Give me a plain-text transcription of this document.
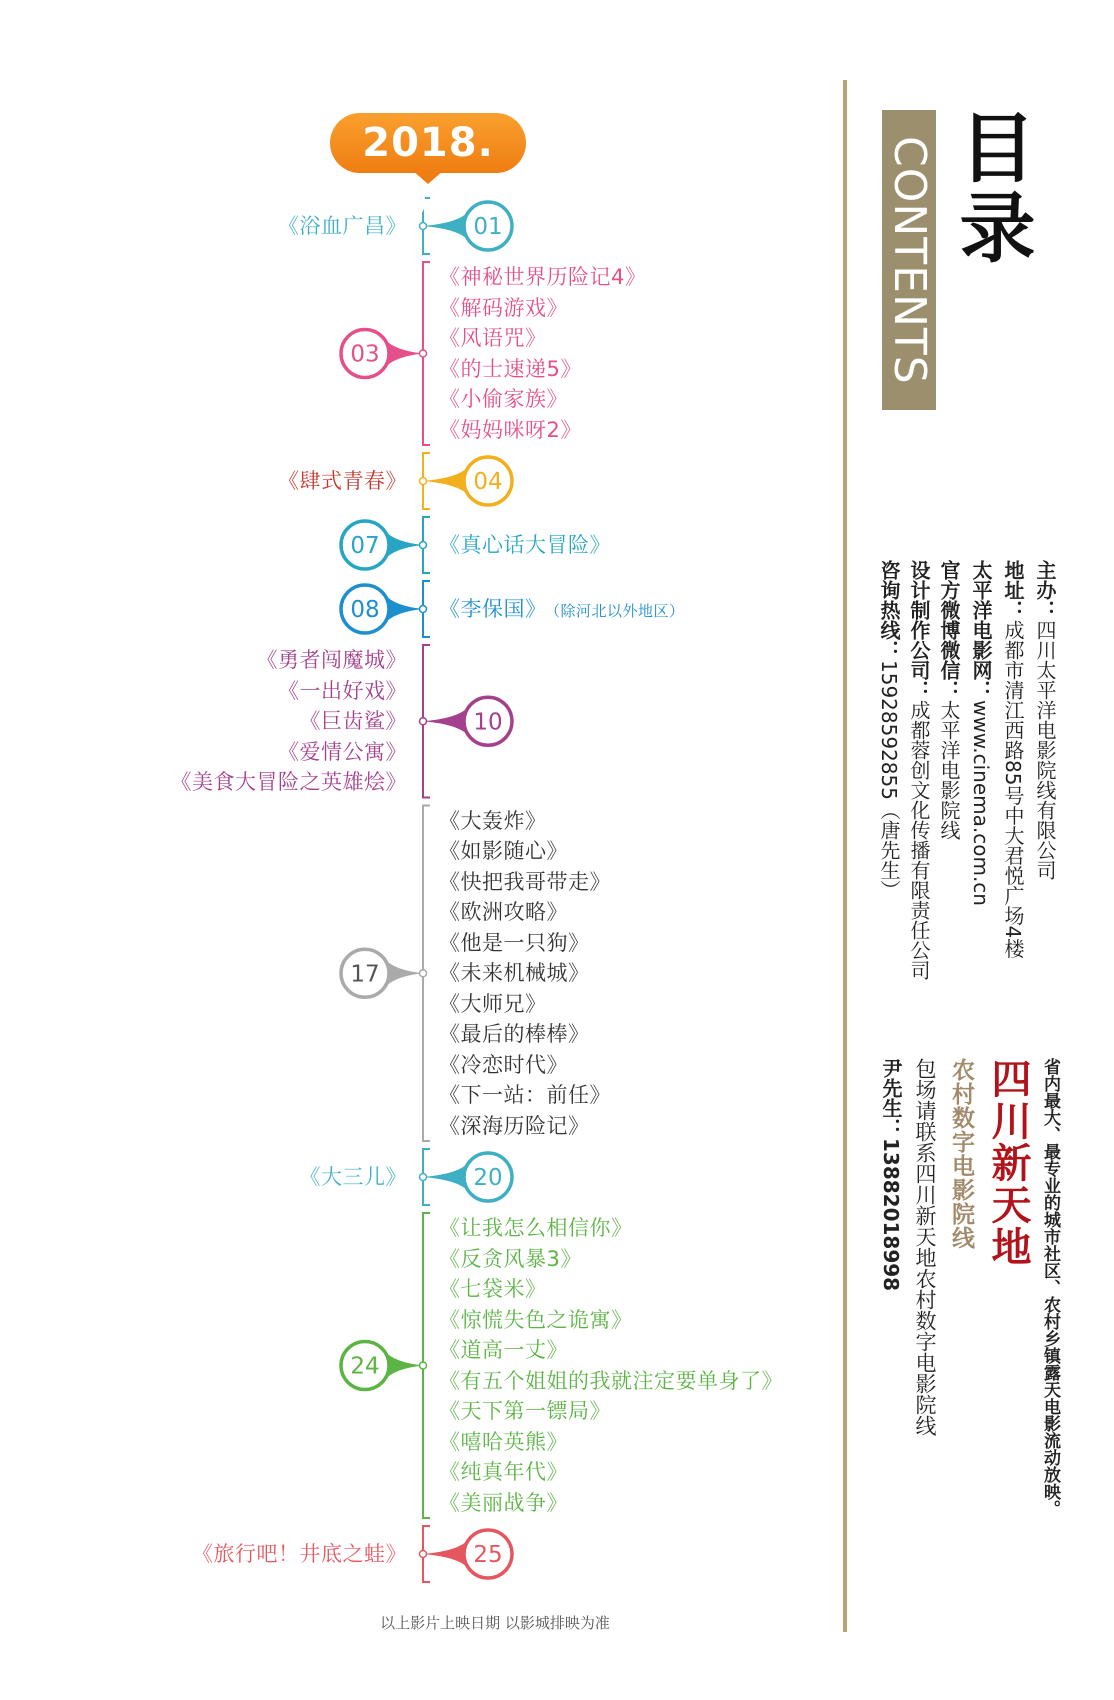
01
03
04
07
08
10
17
20
24
25
2018. 08
《浴血广昌》
《神秘世界历险记4》
《解码游戏》
《风语咒》
《的士速递5》
《小偷家族》
《妈妈咪呀2》
《肆式青春》
《真心话大冒险》
《李保国》 （除河北以外地区）
《勇者闯魔城》
《一出好戏》
《巨齿鲨》
《爱情公寓》
《美食大冒险之英雄烩》
《大轰炸》
《如影随心》
《快把我哥带走》
《欧洲攻略》
《他是一只狗》
《未来机械城》
《大师兄》
《最后的棒棒》
《冷恋时代》
《下一站：前任》
《深海历险记》
《大三儿》
《让我怎么相信你》
《反贪风暴3》
《七袋米》
《惊慌失色之诡寓》
《道高一丈》
《有五个姐姐的我就注定要单身了》
《天下第一镖局》
《嘻哈英熊》
《纯真年代》
《美丽战争》
《旅行吧！井底之蛙》
以上影片上映日期 以影城排映为准
CONTENTS 目录
主办：四川太平洋电影院线有限公司
地址：成都市清江西路85号中大君悦广场4楼
太平洋电影网：www.cinema.com.cn
官方微博微信：太平洋电影院线
设计制作公司：成都蓉创文化传播有限责任公司
咨询热线：15928592855（唐先生）
省内最大、最专业的城市社区、农村乡镇露天电影流动放映。
四川新天地
农村数字电影院线
包场请联系四川新天地农村数字电影院线
尹先生：13882018998
